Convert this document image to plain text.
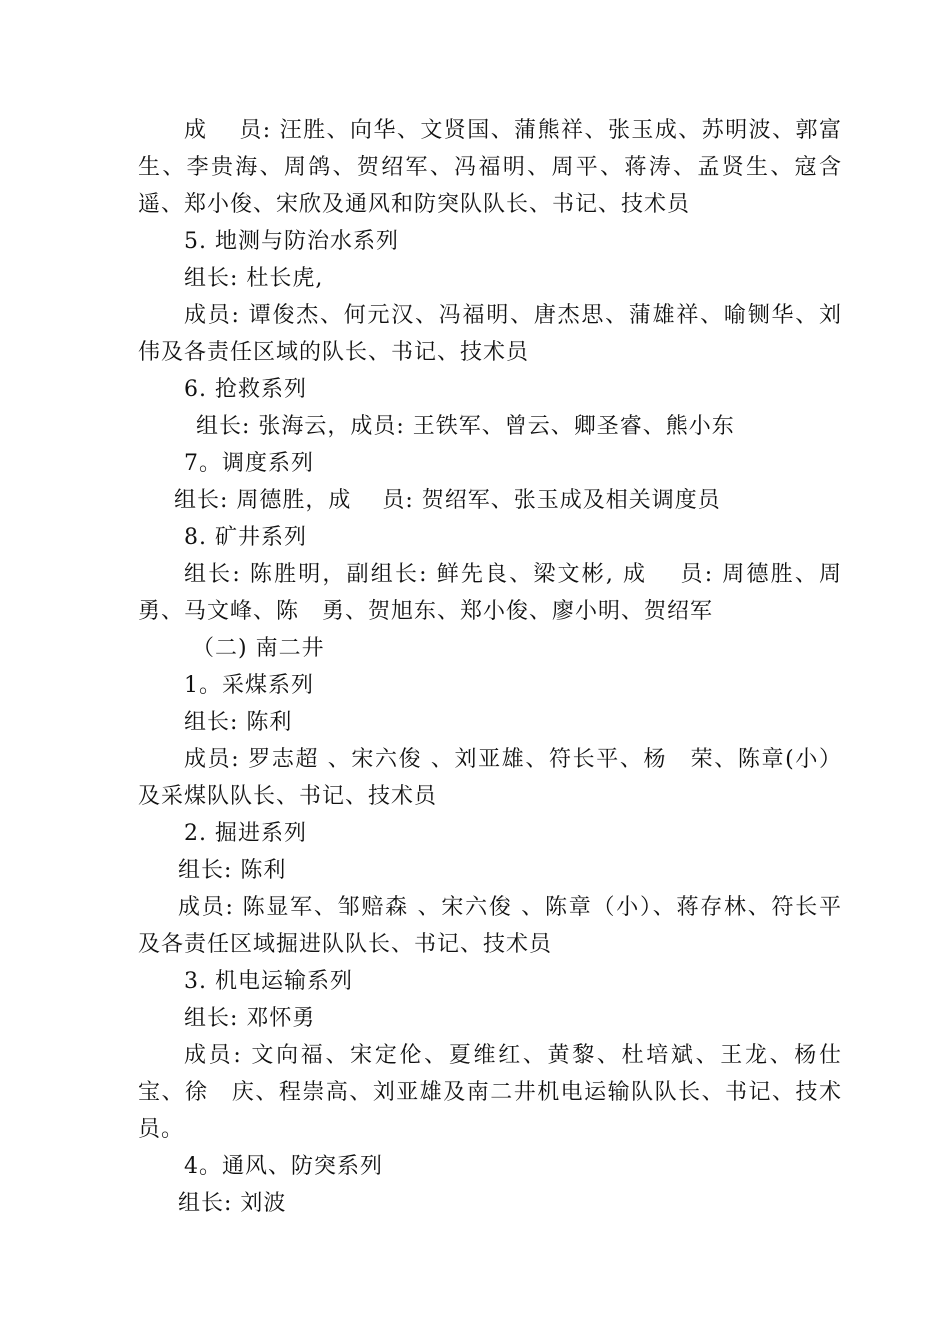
成　 员: 汪胜、向华、文贤国、蒲熊祥、张玉成、苏明波、郭富生、李贵海、周鸽、贺绍军、冯福明、周平、蒋涛、孟贤生、寇含遥、郑小俊、宋欣及通风和防突队队长、书记、技术员

5. 地测与防治水系列

组长: 杜长虎,

成员: 谭俊杰、何元汉、冯福明、唐杰思、蒲雄祥、喻铡华、刘伟及各责任区域的队长、书记、技术员

6. 抢救系列

组长: 张海云，成员: 王铁军、曾云、卿圣睿、熊小东

7。调度系列

组长: 周德胜，成　 员: 贺绍军、张玉成及相关调度员

8. 矿井系列

组长: 陈胜明，副组长: 鲜先良、梁文彬, 成　 员: 周德胜、周勇、马文峰、陈　勇、贺旭东、郑小俊、廖小明、贺绍军

（二) 南二井

1。采煤系列

组长: 陈利

成员: 罗志超 、宋六俊 、刘亚雄、符长平、杨　荣、陈章(小）及采煤队队长、书记、技术员

2. 掘进系列

组长: 陈利

成员: 陈显军、邹赔森 、宋六俊 、陈章（小）、蒋存林、符长平及各责任区域掘进队队长、书记、技术员

3. 机电运输系列

组长: 邓怀勇

成员: 文向福、宋定伦、夏维红、黄黎、杜培斌、王龙、杨仕宝、徐　庆、程崇高、刘亚雄及南二井机电运输队队长、书记、技术员。

4。通风、防突系列

组长: 刘波
